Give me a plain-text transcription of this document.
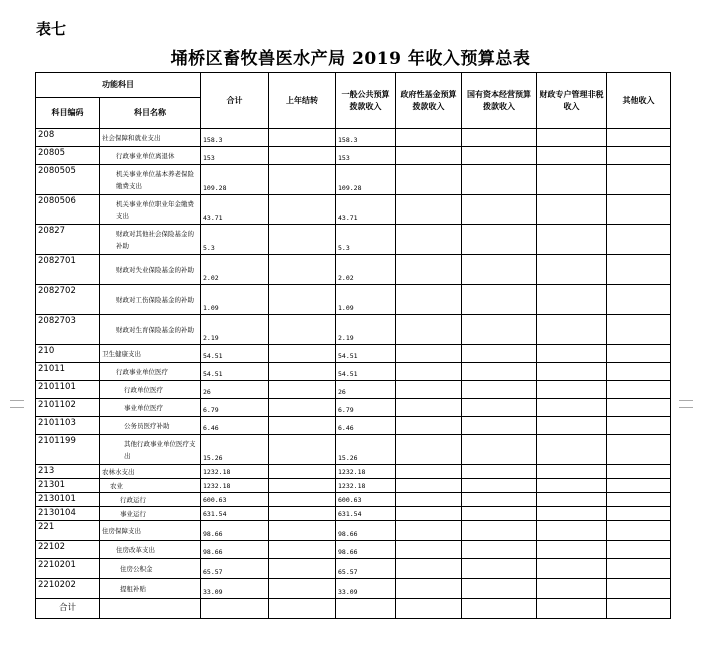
表七
埇桥区畜牧兽医水产局 2019 年收入预算总表
功能科目		合计	上年结转	一般公共预算拨款收入	政府性基金预算拨款收入	国有资本经营预算拨款收入	财政专户管理非税收入	其他收入
科目编码	科目名称							
208	社会保障和就业支出	158.3		158.3				
20805	行政事业单位离退休	153		153				
2080505	机关事业单位基本养老保险缴费支出	109.28		109.28				
2080506	机关事业单位职业年金缴费支出	43.71		43.71				
20827	财政对其他社会保险基金的补助	5.3		5.3				
2082701	财政对失业保险基金的补助	2.02		2.02				
2082702	财政对工伤保险基金的补助	1.09		1.09				
2082703	财政对生育保险基金的补助	2.19		2.19				
210	卫生健康支出	54.51		54.51				
21011	行政事业单位医疗	54.51		54.51				
2101101	行政单位医疗	26		26				
2101102	事业单位医疗	6.79		6.79				
2101103	公务员医疗补助	6.46		6.46				
2101199	其他行政事业单位医疗支出	15.26		15.26				
213	农林水支出	1232.18		1232.18				
21301	农业	1232.18		1232.18				
2130101	行政运行	600.63		600.63				
2130104	事业运行	631.54		631.54				
221	住房保障支出	98.66		98.66				
22102	住房改革支出	98.66		98.66				
2210201	住房公积金	65.57		65.57				
2210202	提租补贴	33.09		33.09				
合计								
